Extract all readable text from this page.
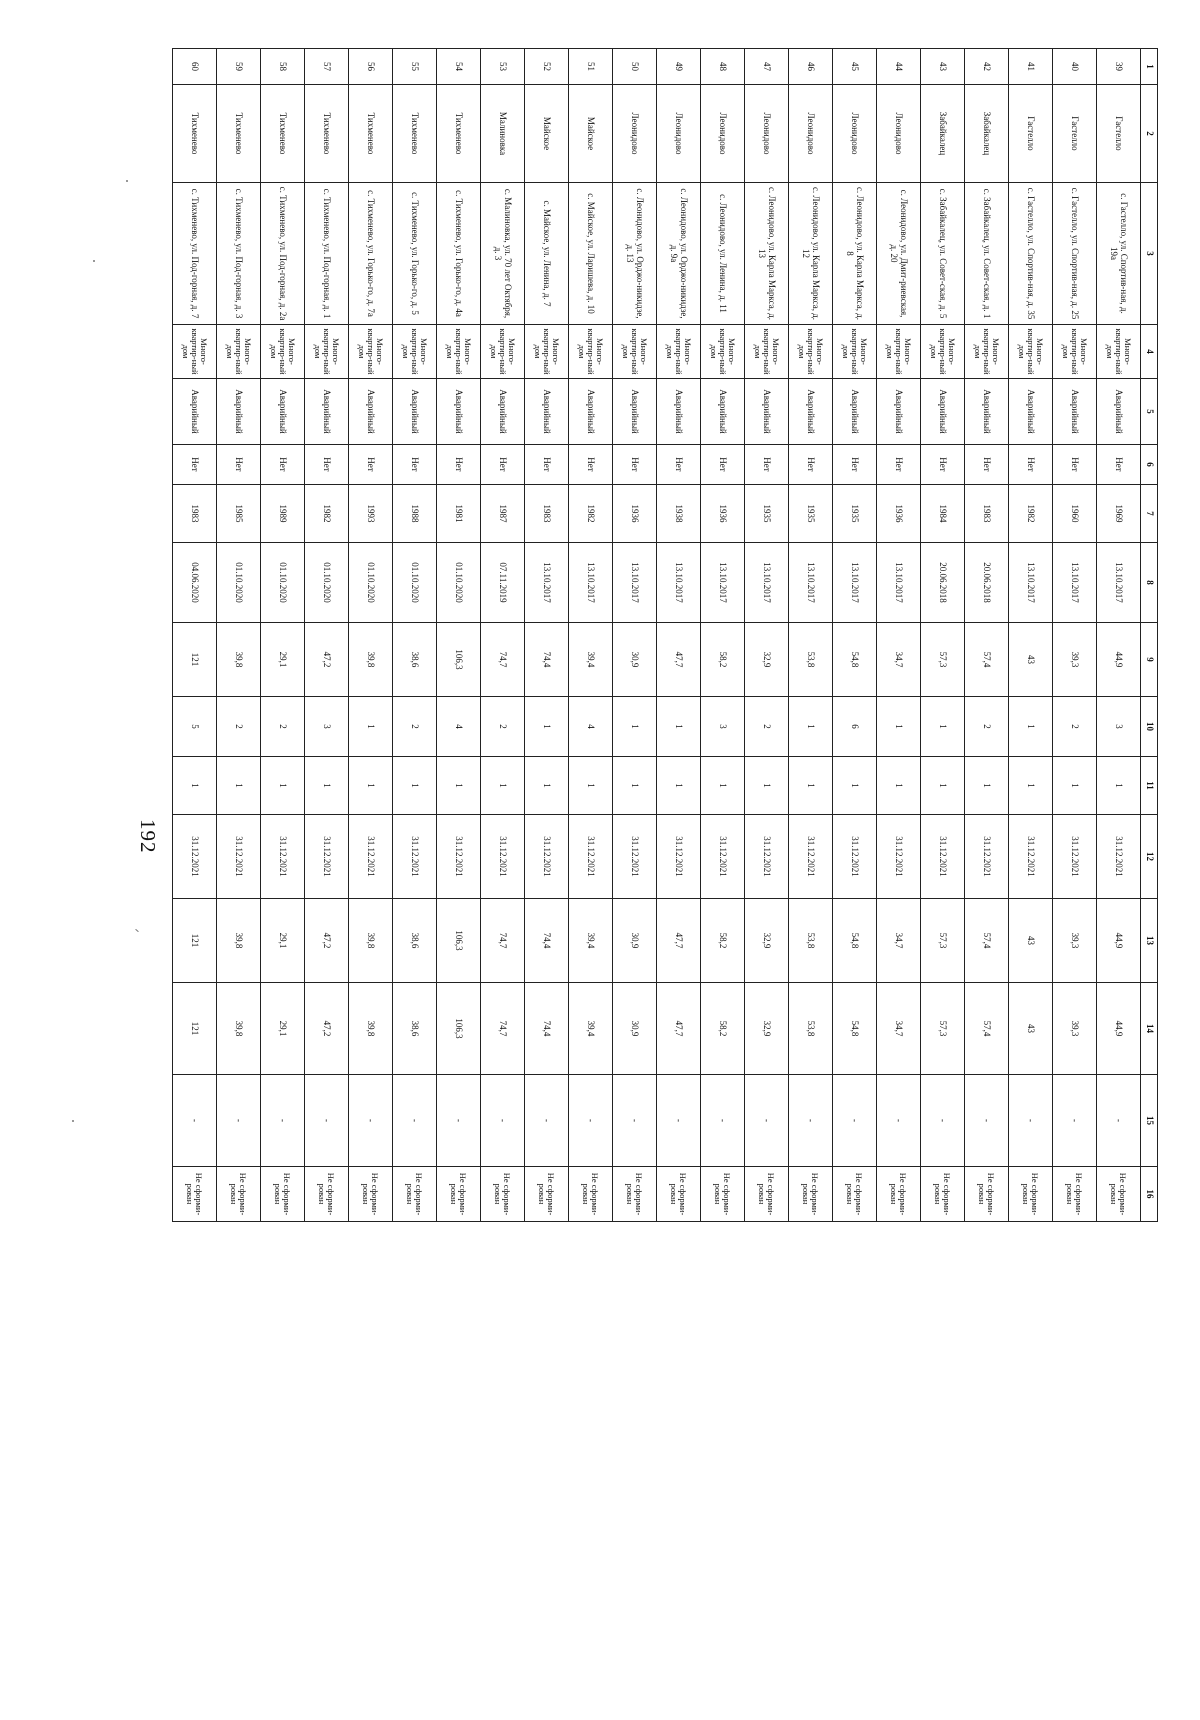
192
1	2	3	4	5	6	7	8	9	10	11	12	13	14	15	16
39	Гастелло	с. Гастелло, ул. Спортив-ная, д. 19а	Много-квартир-ный дом	Аварийный	Нет	1969	13.10.2017	44,9	3	1	31.12.2021	44,9	44,9	-	Не сформи-рован
40	Гастелло	с. Гастелло, ул. Спортив-ная, д. 25	Много-квартир-ный дом	Аварийный	Нет	1960	13.10.2017	39,3	2	1	31.12.2021	39,3	39,3	-	Не сформи-рован
41	Гастелло	с. Гастелло, ул. Спортив-ная, д. 35	Много-квартир-ный дом	Аварийный	Нет	1982	13.10.2017	43	1	1	31.12.2021	43	43	-	Не сформи-рован
42	Забайкалец	с. Забайкалец, ул. Совет-ская, д. 1	Много-квартир-ный дом	Аварийный	Нет	1983	20.06.2018	57,4	2	1	31.12.2021	57,4	57,4	-	Не сформи-рован
43	Забайкалец	с. Забайкалец, ул. Совет-ская, д. 5	Много-квартир-ный дом	Аварийный	Нет	1984	20.06.2018	57,3	1	1	31.12.2021	57,3	57,3	-	Не сформи-рован
44	Леонидово	с. Леонидово, ул. Дмит-риевская, д. 20	Много-квартир-ный дом	Аварийный	Нет	1936	13.10.2017	34,7	1	1	31.12.2021	34,7	34,7	-	Не сформи-рован
45	Леонидово	с. Леонидово, ул. Карла Маркса, д. 8	Много-квартир-ный дом	Аварийный	Нет	1935	13.10.2017	54,8	6	1	31.12.2021	54,8	54,8	-	Не сформи-рован
46	Леонидово	с. Леонидово, ул. Карла Маркса, д. 12	Много-квартир-ный дом	Аварийный	Нет	1935	13.10.2017	53,8	1	1	31.12.2021	53,8	53,8	-	Не сформи-рован
47	Леонидово	с. Леонидово, ул. Карла Маркса, д. 13	Много-квартир-ный дом	Аварийный	Нет	1935	13.10.2017	32,9	2	1	31.12.2021	32,9	32,9	-	Не сформи-рован
48	Леонидово	с. Леонидово, ул. Ленина, д. 11	Много-квартир-ный дом	Аварийный	Нет	1936	13.10.2017	58,2	3	1	31.12.2021	58,2	58,2	-	Не сформи-рован
49	Леонидово	с. Леонидово, ул. Орджо-никидзе, д. 9а	Много-квартир-ный дом	Аварийный	Нет	1938	13.10.2017	47,7	1	1	31.12.2021	47,7	47,7	-	Не сформи-рован
50	Леонидово	с. Леонидово, ул. Орджо-никидзе, д. 13	Много-квартир-ный дом	Аварийный	Нет	1936	13.10.2017	30,9	1	1	31.12.2021	30,9	30,9	-	Не сформи-рован
51	Майское	с. Майское, ул. Ларишева, д. 10	Много-квартир-ный дом	Аварийный	Нет	1982	13.10.2017	39,4	4	1	31.12.2021	39,4	39,4	-	Не сформи-рован
52	Майское	с. Майское, ул. Ленина, д. 7	Много-квартир-ный дом	Аварийный	Нет	1983	13.10.2017	74,4	1	1	31.12.2021	74,4	74,4	-	Не сформи-рован
53	Малиновка	с. Малиновка, ул. 70 лет Октября, д. 3	Много-квартир-ный дом	Аварийный	Нет	1987	07.11.2019	74,7	2	1	31.12.2021	74,7	74,7	-	Не сформи-рован
54	Тихменево	с. Тихменево, ул. Горько-го, д. 4а	Много-квартир-ный дом	Аварийный	Нет	1981	01.10.2020	106,3	4	1	31.12.2021	106,3	106,3	-	Не сформи-рован
55	Тихменево	с. Тихменево, ул. Горько-го, д. 5	Много-квартир-ный дом	Аварийный	Нет	1988	01.10.2020	38,6	2	1	31.12.2021	38,6	38,6	-	Не сформи-рован
56	Тихменево	с. Тихменево, ул. Горько-го, д. 7а	Много-квартир-ный дом	Аварийный	Нет	1993	01.10.2020	39,8	1	1	31.12.2021	39,8	39,8	-	Не сформи-рован
57	Тихменево	с. Тихменево, ул. Под-горная, д. 1	Много-квартир-ный дом	Аварийный	Нет	1982	01.10.2020	47,2	3	1	31.12.2021	47,2	47,2	-	Не сформи-рован
58	Тихменево	с. Тихменево, ул. Под-горная, д. 2а	Много-квартир-ный дом	Аварийный	Нет	1989	01.10.2020	29,1	2	1	31.12.2021	29,1	29,1	-	Не сформи-рован
59	Тихменево	с. Тихменево, ул. Под-горная, д. 3	Много-квартир-ный дом	Аварийный	Нет	1985	01.10.2020	39,8	2	1	31.12.2021	39,8	39,8	-	Не сформи-рован
60	Тихменево	с. Тихменево, ул. Под-горная, д. 7	Много-квартир-ный дом	Аварийный	Нет	1983	04.06.2020	121	5	1	31.12.2021	121	121	-	Не сформи-рован
